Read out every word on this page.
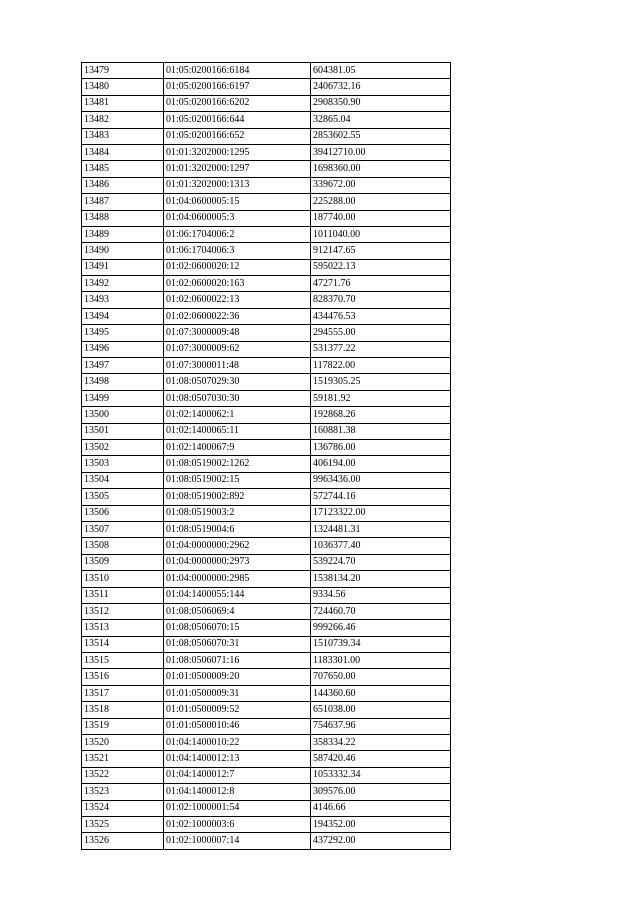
13479	01:05:0200166:6184	604381.05
13480	01:05:0200166:6197	2406732.16
13481	01:05:0200166:6202	2908350.90
13482	01:05:0200166:644	32865.04
13483	01:05:0200166:652	2853602.55
13484	01:01:3202000:1295	39412710.00
13485	01:01:3202000:1297	1698360.00
13486	01:01:3202000:1313	339672.00
13487	01:04:0600005:15	225288.00
13488	01:04:0600005:3	187740.00
13489	01:06:1704006:2	1011040.00
13490	01:06:1704006:3	912147.65
13491	01:02:0600020:12	595022.13
13492	01:02:0600020:163	47271.76
13493	01:02:0600022:13	828370.70
13494	01:02:0600022:36	434476.53
13495	01:07:3000009:48	294555.00
13496	01:07:3000009:62	531377.22
13497	01:07:3000011:48	117822.00
13498	01:08:0507029:30	1519305.25
13499	01:08:0507030:30	59181.92
13500	01:02:1400062:1	192868.26
13501	01:02:1400065:11	160881.38
13502	01:02:1400067:9	136786.00
13503	01:08:0519002:1262	406194.00
13504	01:08:0519002:15	9963436.00
13505	01:08:0519002:892	572744.16
13506	01:08:0519003:2	17123322.00
13507	01:08:0519004:6	1324481.31
13508	01:04:0000000:2962	1036377.40
13509	01:04:0000000:2973	539224.70
13510	01:04:0000000:2985	1538134.20
13511	01:04:1400055:144	9334.56
13512	01:08:0506069:4	724460.70
13513	01:08:0506070:15	999266.46
13514	01:08:0506070:31	1510739.34
13515	01:08:0506071:16	1183301.00
13516	01:01:0500009:20	707650.00
13517	01:01:0500009:31	144360.60
13518	01:01:0500009:52	651038.00
13519	01:01:0500010:46	754637.96
13520	01:04:1400010:22	358334.22
13521	01:04:1400012:13	587420.46
13522	01:04:1400012:7	1053332.34
13523	01:04:1400012:8	309576.00
13524	01:02:1000001:54	4146.66
13525	01:02:1000003:6	194352.00
13526	01:02:1000007:14	437292.00
